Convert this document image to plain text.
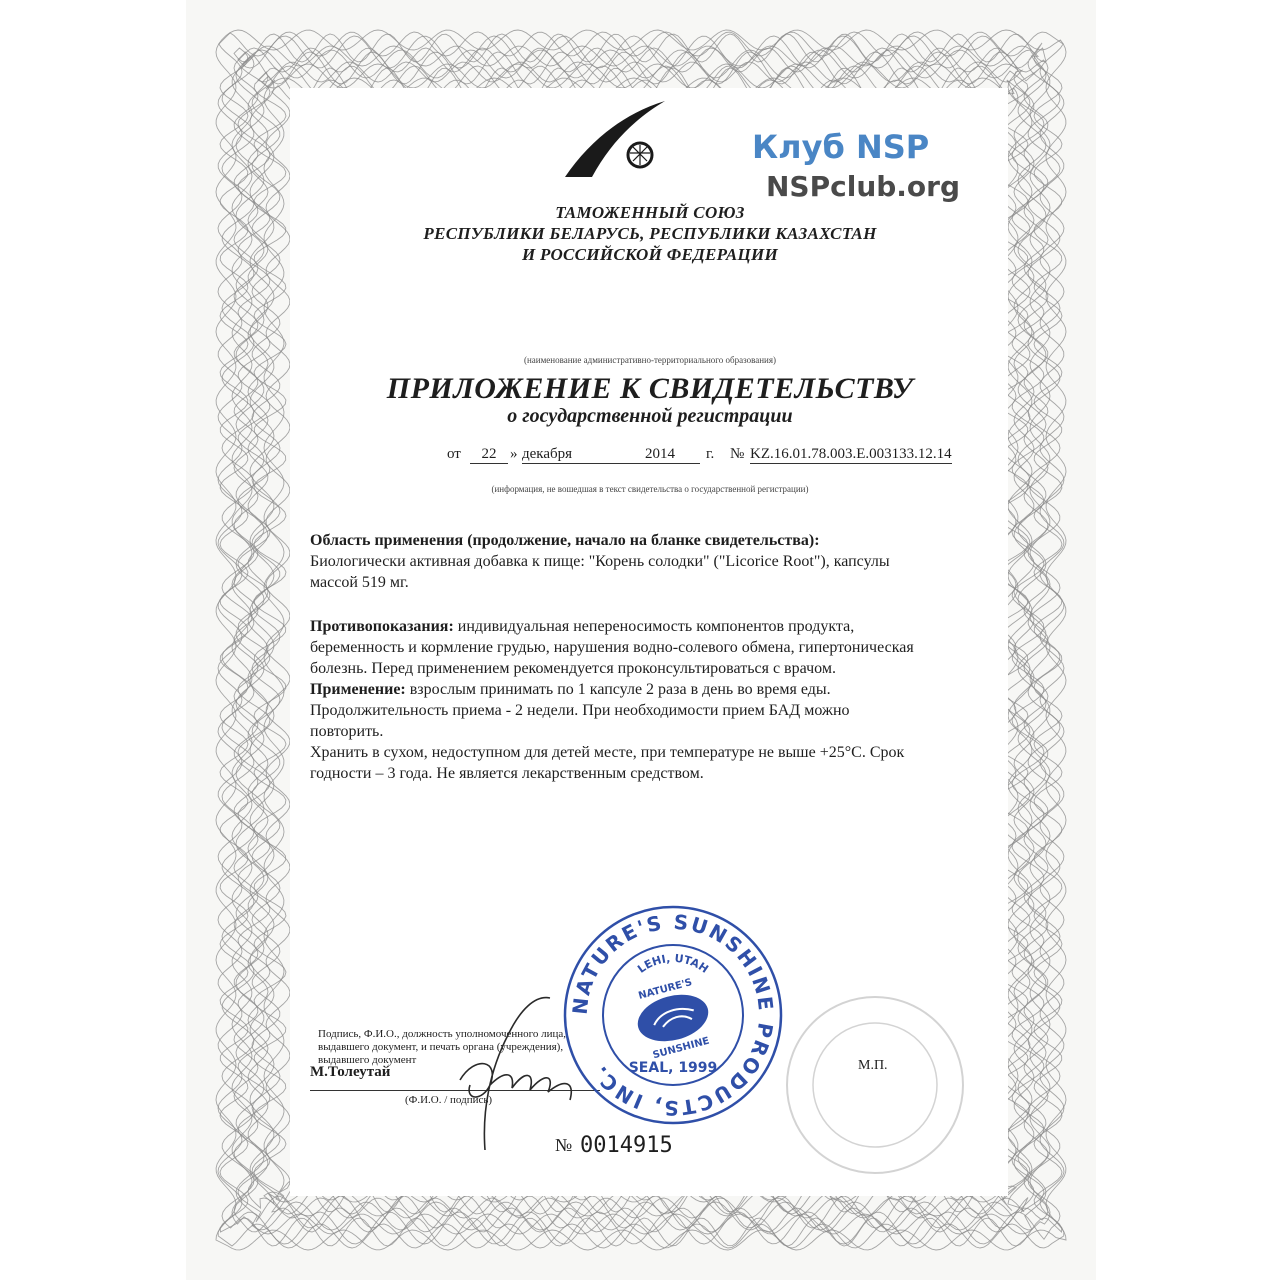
Клуб NSP
NSPclub.org
ТАМОЖЕННЫЙ СОЮЗ
РЕСПУБЛИКИ БЕЛАРУСЬ, РЕСПУБЛИКИ КАЗАХСТАН
И РОССИЙСКОЙ ФЕДЕРАЦИИ
(наименование административно-территориального образования)
ПРИЛОЖЕНИЕ К СВИДЕТЕЛЬСТВУ
о государственной регистрации
от	22 » декабря	2014	г. № KZ.16.01.78.003.E.003133.12.14
(информация, не вошедшая в текст свидетельства о государственной регистрации)

Область применения (продолжение, начало на бланке свидетельства):

Биологически активная добавка к пище: "Корень солодки" ("Licorice Root"), капсулы

массой 519 мг.

Противопоказания: индивидуальная непереносимость компонентов продукта,

беременность и кормление грудью, нарушения водно-солевого обмена, гипертоническая

болезнь. Перед применением рекомендуется проконсультироваться с врачом.

Применение: взрослым принимать по 1 капсуле 2 раза в день во время еды.

Продолжительность приема - 2 недели. При необходимости прием БАД можно

повторить.

Хранить в сухом, недоступном для детей месте, при температуре не выше +25°С. Срок

годности – 3 года. Не является лекарственным средством.

Подпись, Ф.И.О., должность уполномоченного лица,
выдавшего документ, и печать органа (учреждения),
выдавшего документ
М.Толеутай
(Ф.И.О. / подпись)
М.П.
NATURE'S SUNSHINE PRODUCTS, INC.
LEHI, UTAH
NATURE'S
SUNSHINE
SEAL, 1999
№ 0014915
